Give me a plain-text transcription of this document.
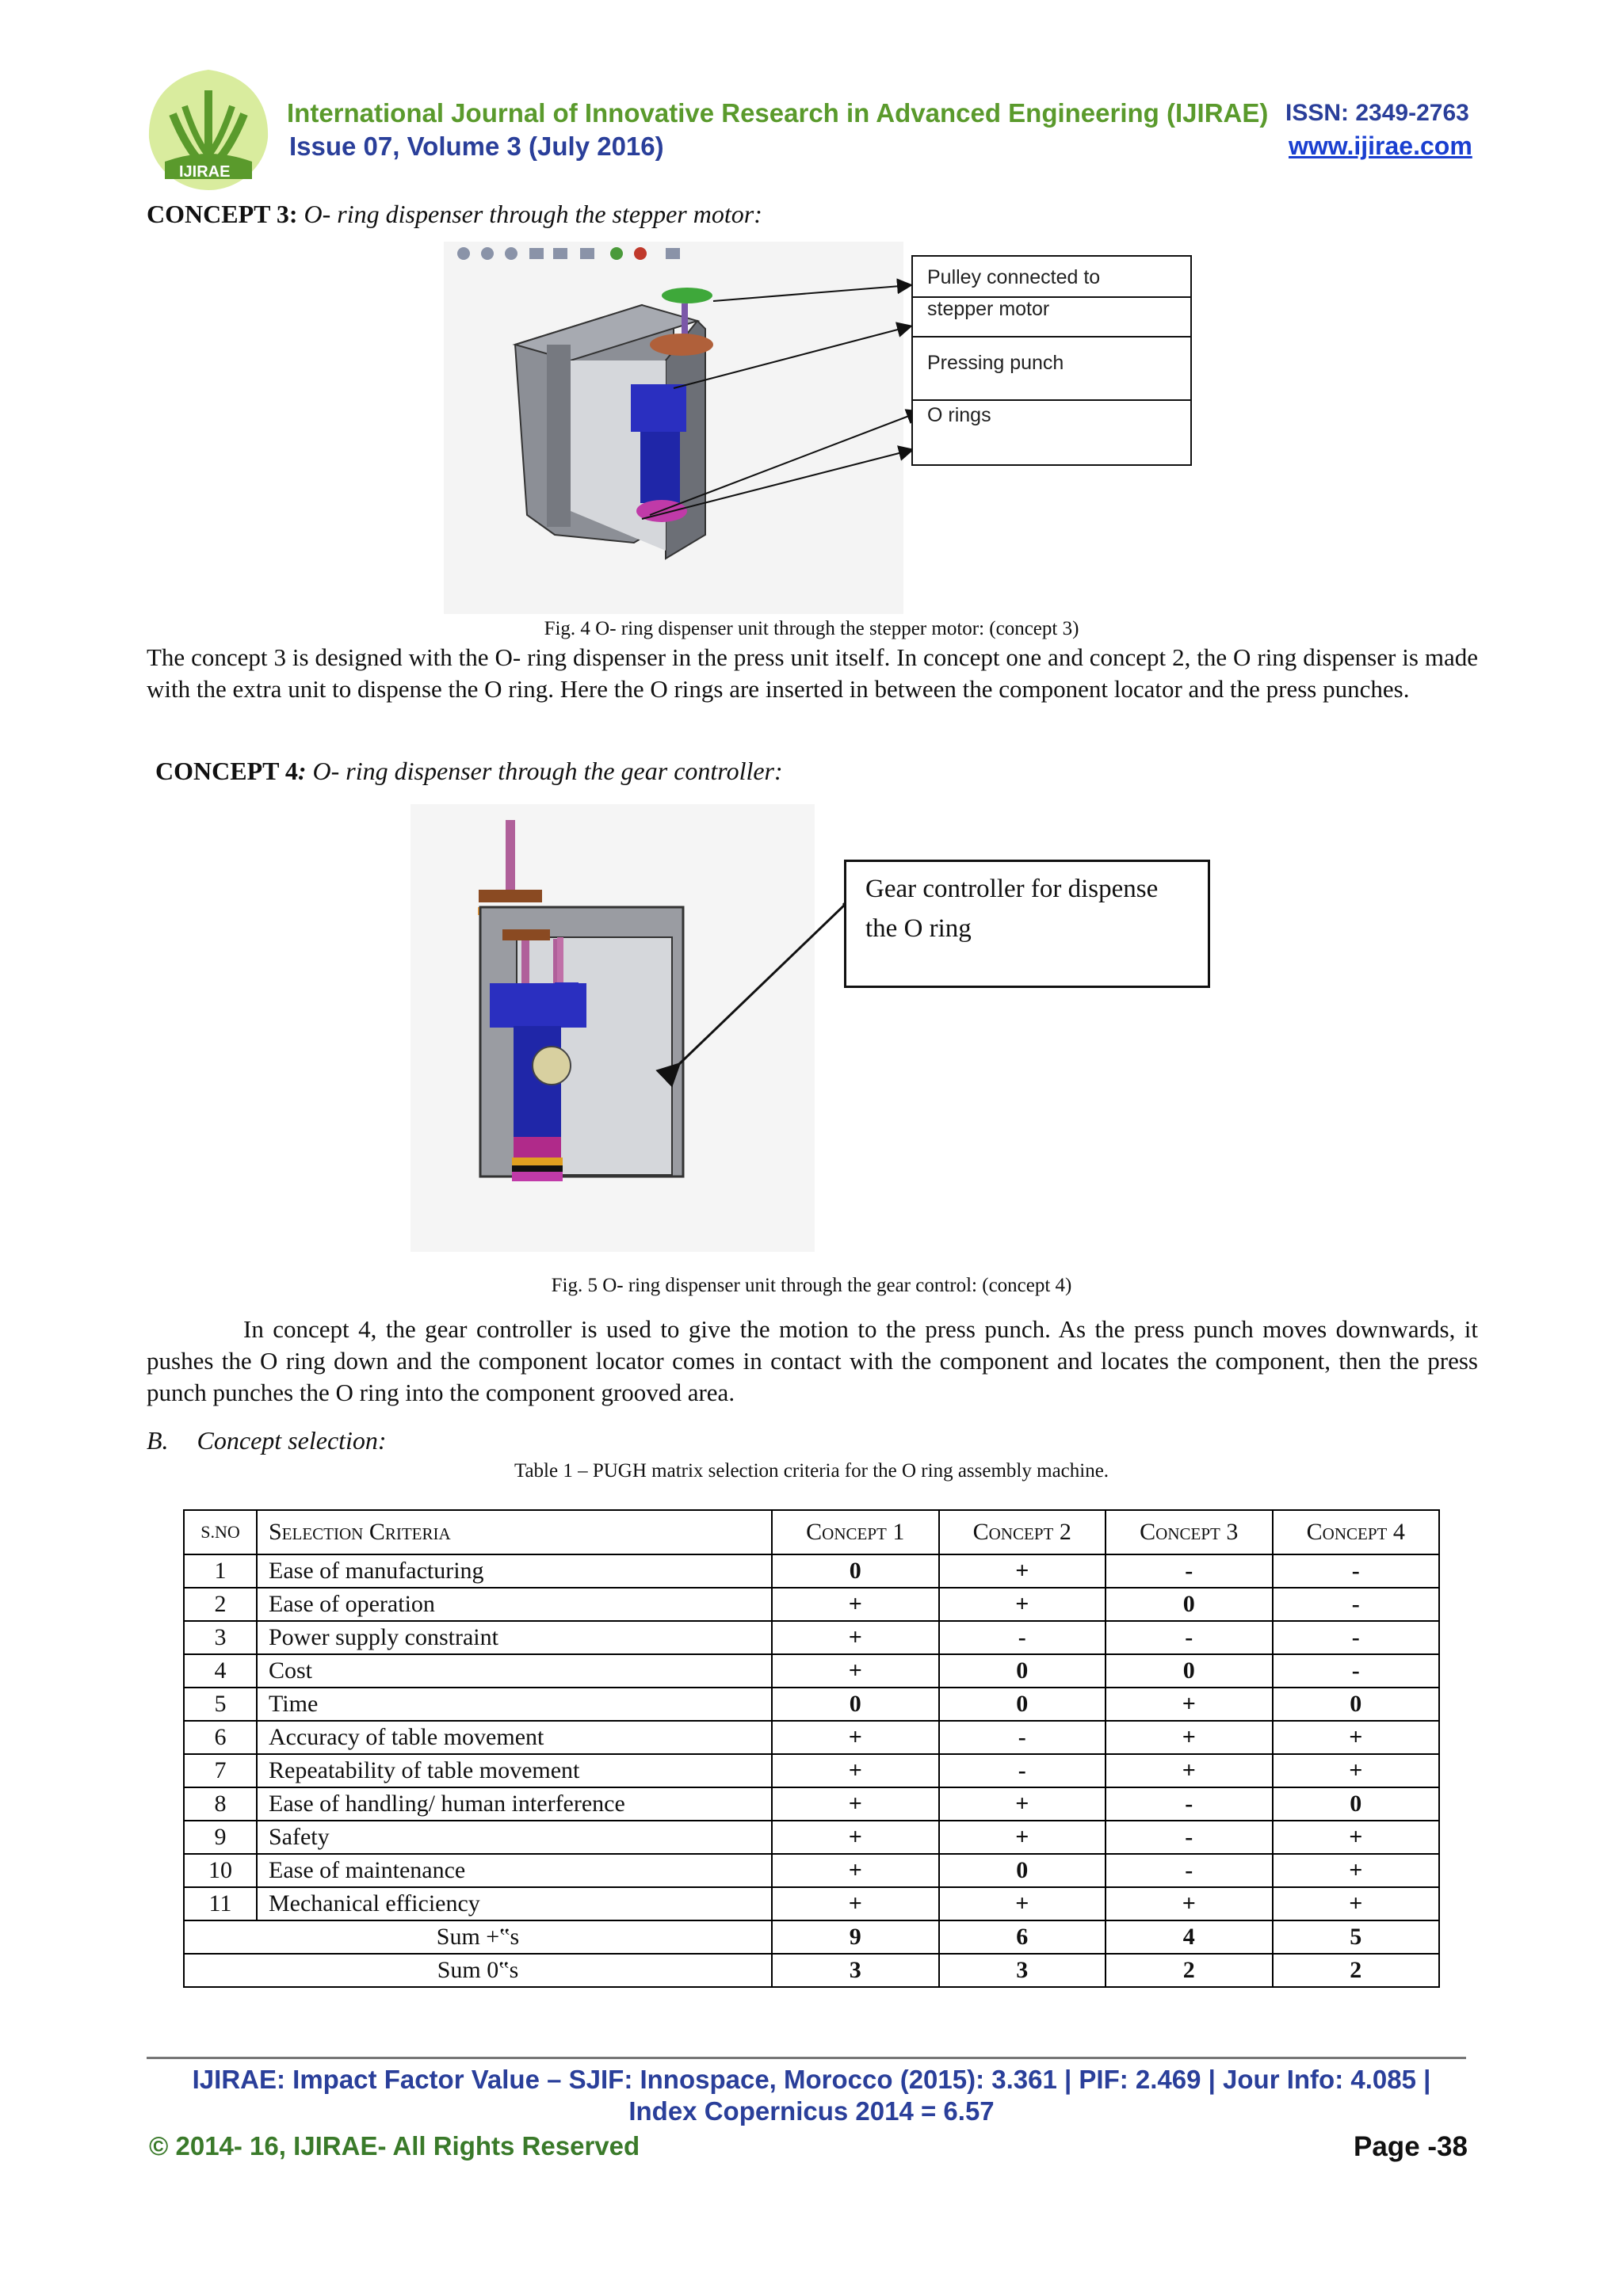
IJIRAE
International Journal of Innovative Research in Advanced Engineering (IJIRAE) ISSN: 2349-2763
Issue 07, Volume 3 (July 2016)	www.ijirae.com
CONCEPT 3: O- ring dispenser through the stepper motor:
Pulley connected to
stepper motor
Pressing punch
O rings
Fig. 4 O- ring dispenser unit through the stepper motor: (concept 3)
The concept 3 is designed with the O- ring dispenser in the press unit itself. In concept one and concept 2, the O ring dispenser is made with the extra unit to dispense the O ring. Here the O rings are inserted in between the component locator and the press punches.
CONCEPT 4: O- ring dispenser through the gear controller:
Gear controller for dispense
the O ring
Fig. 5 O- ring dispenser unit through the gear control: (concept 4)
In concept 4, the gear controller is used to give the motion to the press punch. As the press punch moves downwards, it pushes the O ring down and the component locator comes in contact with the component and locates the component, then the press punch punches the O ring into the component grooved area.
B. Concept selection:
Table 1 – PUGH matrix selection criteria for the O ring assembly machine.
S.NO	Selection Criteria	Concept 1	Concept 2	Concept 3	Concept 4
1	Ease of manufacturing	0	+	-	-
2	Ease of operation	+	+	0	-
3	Power supply constraint	+	-	-	-
4	Cost	+	0	0	-
5	Time	0	0	+	0
6	Accuracy of table movement	+	-	+	+
7	Repeatability of table movement	+	-	+	+
8	Ease of handling/ human interference	+	+	-	0
9	Safety	+	+	-	+
10	Ease of maintenance	+	0	-	+
11	Mechanical efficiency	+	+	+	+
Sum +‟s		9	6	4	5
Sum 0‟s		3	3	2	2
IJIRAE: Impact Factor Value – SJIF: Innospace, Morocco (2015): 3.361 | PIF: 2.469 | Jour Info: 4.085 |
Index Copernicus 2014 = 6.57
© 2014- 16, IJIRAE- All Rights Reserved	Page -38
